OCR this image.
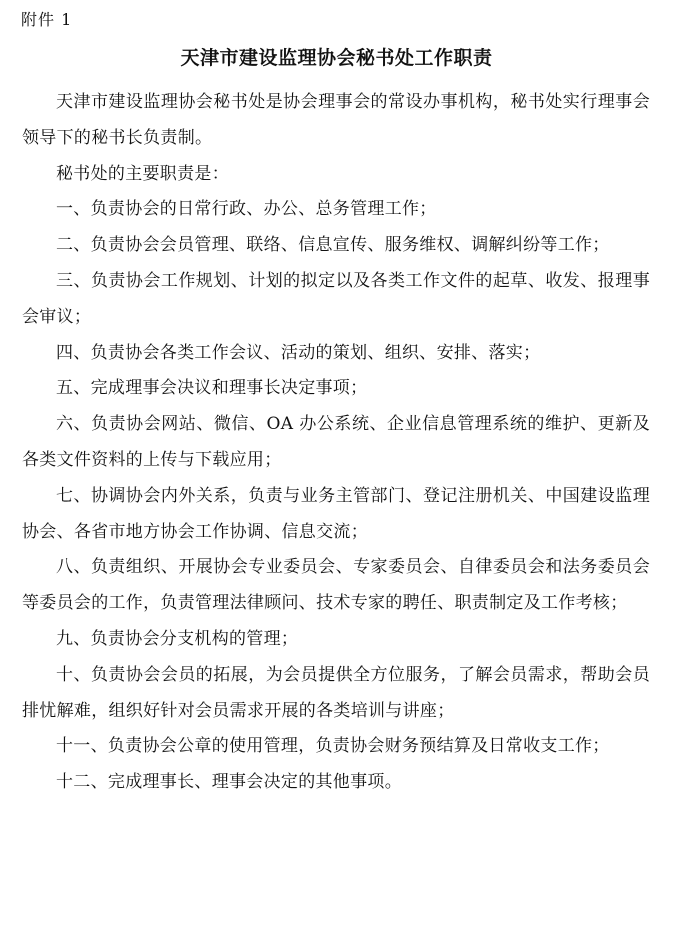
附件 1
天津市建设监理协会秘书处工作职责

天津市建设监理协会秘书处是协会理事会的常设办事机构，秘书处实行理事会领导下的秘书长负责制。

秘书处的主要职责是：

一、负责协会的日常行政、办公、总务管理工作；

二、负责协会会员管理、联络、信息宣传、服务维权、调解纠纷等工作；

三、负责协会工作规划、计划的拟定以及各类工作文件的起草、收发、报理事会审议；

四、负责协会各类工作会议、活动的策划、组织、安排、落实；

五、完成理事会决议和理事长决定事项；

六、负责协会网站、微信、OA 办公系统、企业信息管理系统的维护、更新及各类文件资料的上传与下载应用；

七、协调协会内外关系，负责与业务主管部门、登记注册机关、中国建设监理协会、各省市地方协会工作协调、信息交流；

八、负责组织、开展协会专业委员会、专家委员会、自律委员会和法务委员会等委员会的工作，负责管理法律顾问、技术专家的聘任、职责制定及工作考核；

九、负责协会分支机构的管理；

十、负责协会会员的拓展，为会员提供全方位服务，了解会员需求，帮助会员排忧解难，组织好针对会员需求开展的各类培训与讲座；

十一、负责协会公章的使用管理，负责协会财务预结算及日常收支工作；

十二、完成理事长、理事会决定的其他事项。
